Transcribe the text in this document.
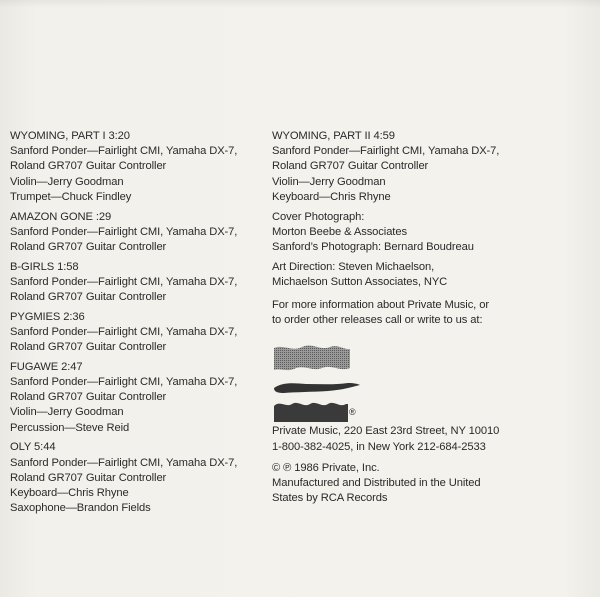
WYOMING, PART I 3:20
Sanford Ponder—Fairlight CMI, Yamaha DX-7,
Roland GR707 Guitar Controller
Violin—Jerry Goodman
Trumpet—Chuck Findley
AMAZON GONE :29
Sanford Ponder—Fairlight CMI, Yamaha DX-7,
Roland GR707 Guitar Controller
B-GIRLS 1:58
Sanford Ponder—Fairlight CMI, Yamaha DX-7,
Roland GR707 Guitar Controller
PYGMIES 2:36
Sanford Ponder—Fairlight CMI, Yamaha DX-7,
Roland GR707 Guitar Controller
FUGAWE 2:47
Sanford Ponder—Fairlight CMI, Yamaha DX-7,
Roland GR707 Guitar Controller
Violin—Jerry Goodman
Percussion—Steve Reid
OLY 5:44
Sanford Ponder—Fairlight CMI, Yamaha DX-7,
Roland GR707 Guitar Controller
Keyboard—Chris Rhyne
Saxophone—Brandon Fields
WYOMING, PART II 4:59
Sanford Ponder—Fairlight CMI, Yamaha DX-7,
Roland GR707 Guitar Controller
Violin—Jerry Goodman
Keyboard—Chris Rhyne
Cover Photograph:
Morton Beebe & Associates
Sanford’s Photograph: Bernard Boudreau
Art Direction: Steven Michaelson,
Michaelson Sutton Associates, NYC
For more information about Private Music, or
to order other releases call or write to us at:
®
Private Music, 220 East 23rd Street, NY 10010
1-800-382-4025, in New York 212-684-2533
© ℗ 1986 Private, Inc.
Manufactured and Distributed in the United
States by RCA Records
